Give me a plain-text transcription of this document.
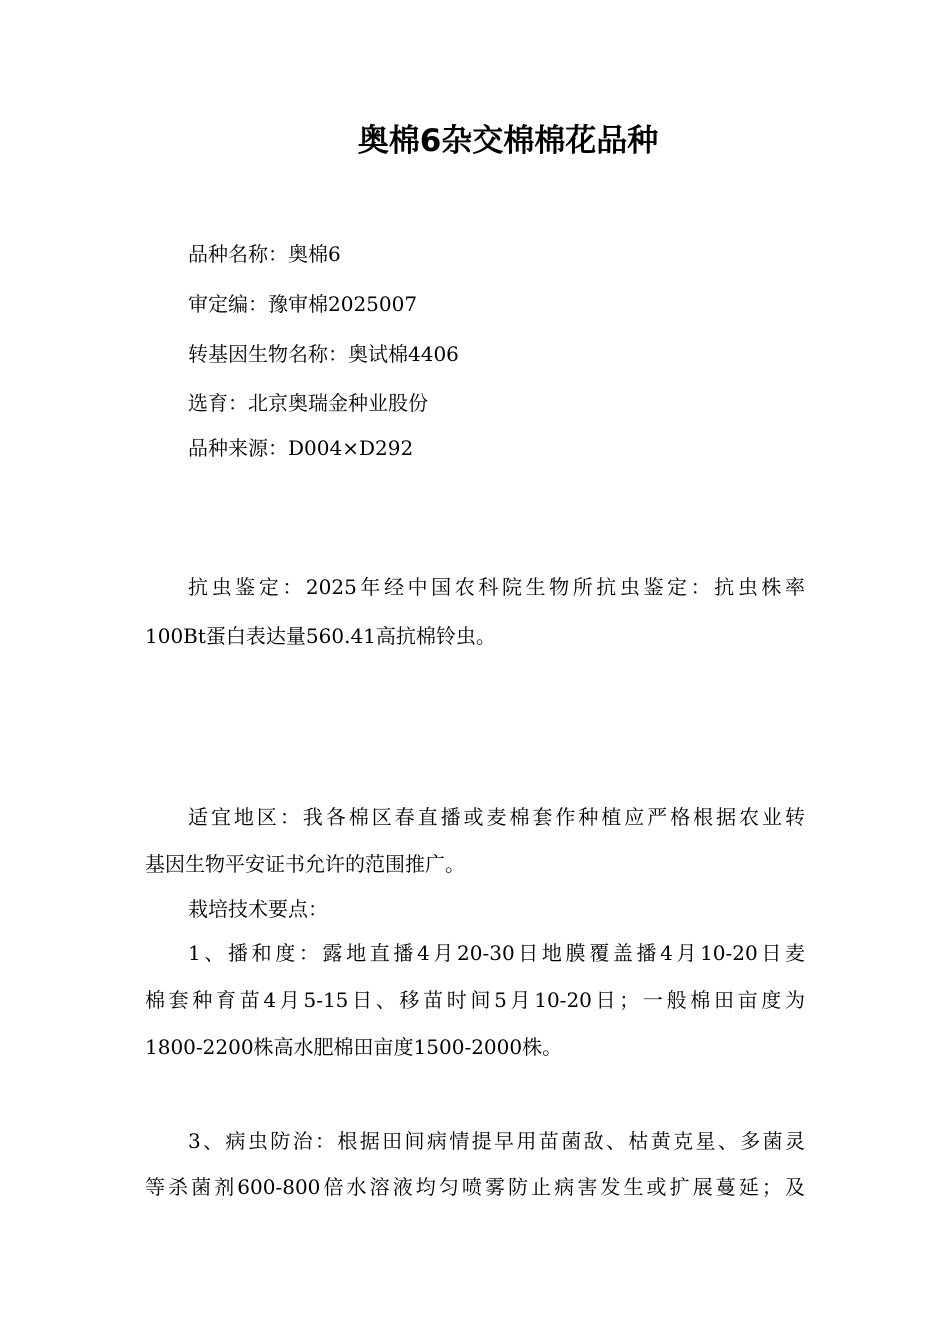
奥棉6杂交棉棉花品种

品种名称：奥棉6

审定编：豫审棉2025007

转基因生物名称：奥试棉4406

选育：北京奥瑞金种业股份

品种来源：D004×D292

抗虫鉴定：2025年经中国农科院生物所抗虫鉴定：抗虫株率

100Bt蛋白表达量560.41高抗棉铃虫。

适宜地区：我各棉区春直播或麦棉套作种植应严格根据农业转

基因生物平安证书允许的范围推广。

栽培技术要点：

1、播和度：露地直播4月20-30日地膜覆盖播4月10-20日麦

棉套种育苗4月5-15日、移苗时间5月10-20日；一般棉田亩度为

1800-2200株高水肥棉田亩度1500-2000株。

3、病虫防治：根据田间病情提早用苗菌敌、枯黄克星、多菌灵

等杀菌剂600-800倍水溶液均匀喷雾防止病害发生或扩展蔓延；及
